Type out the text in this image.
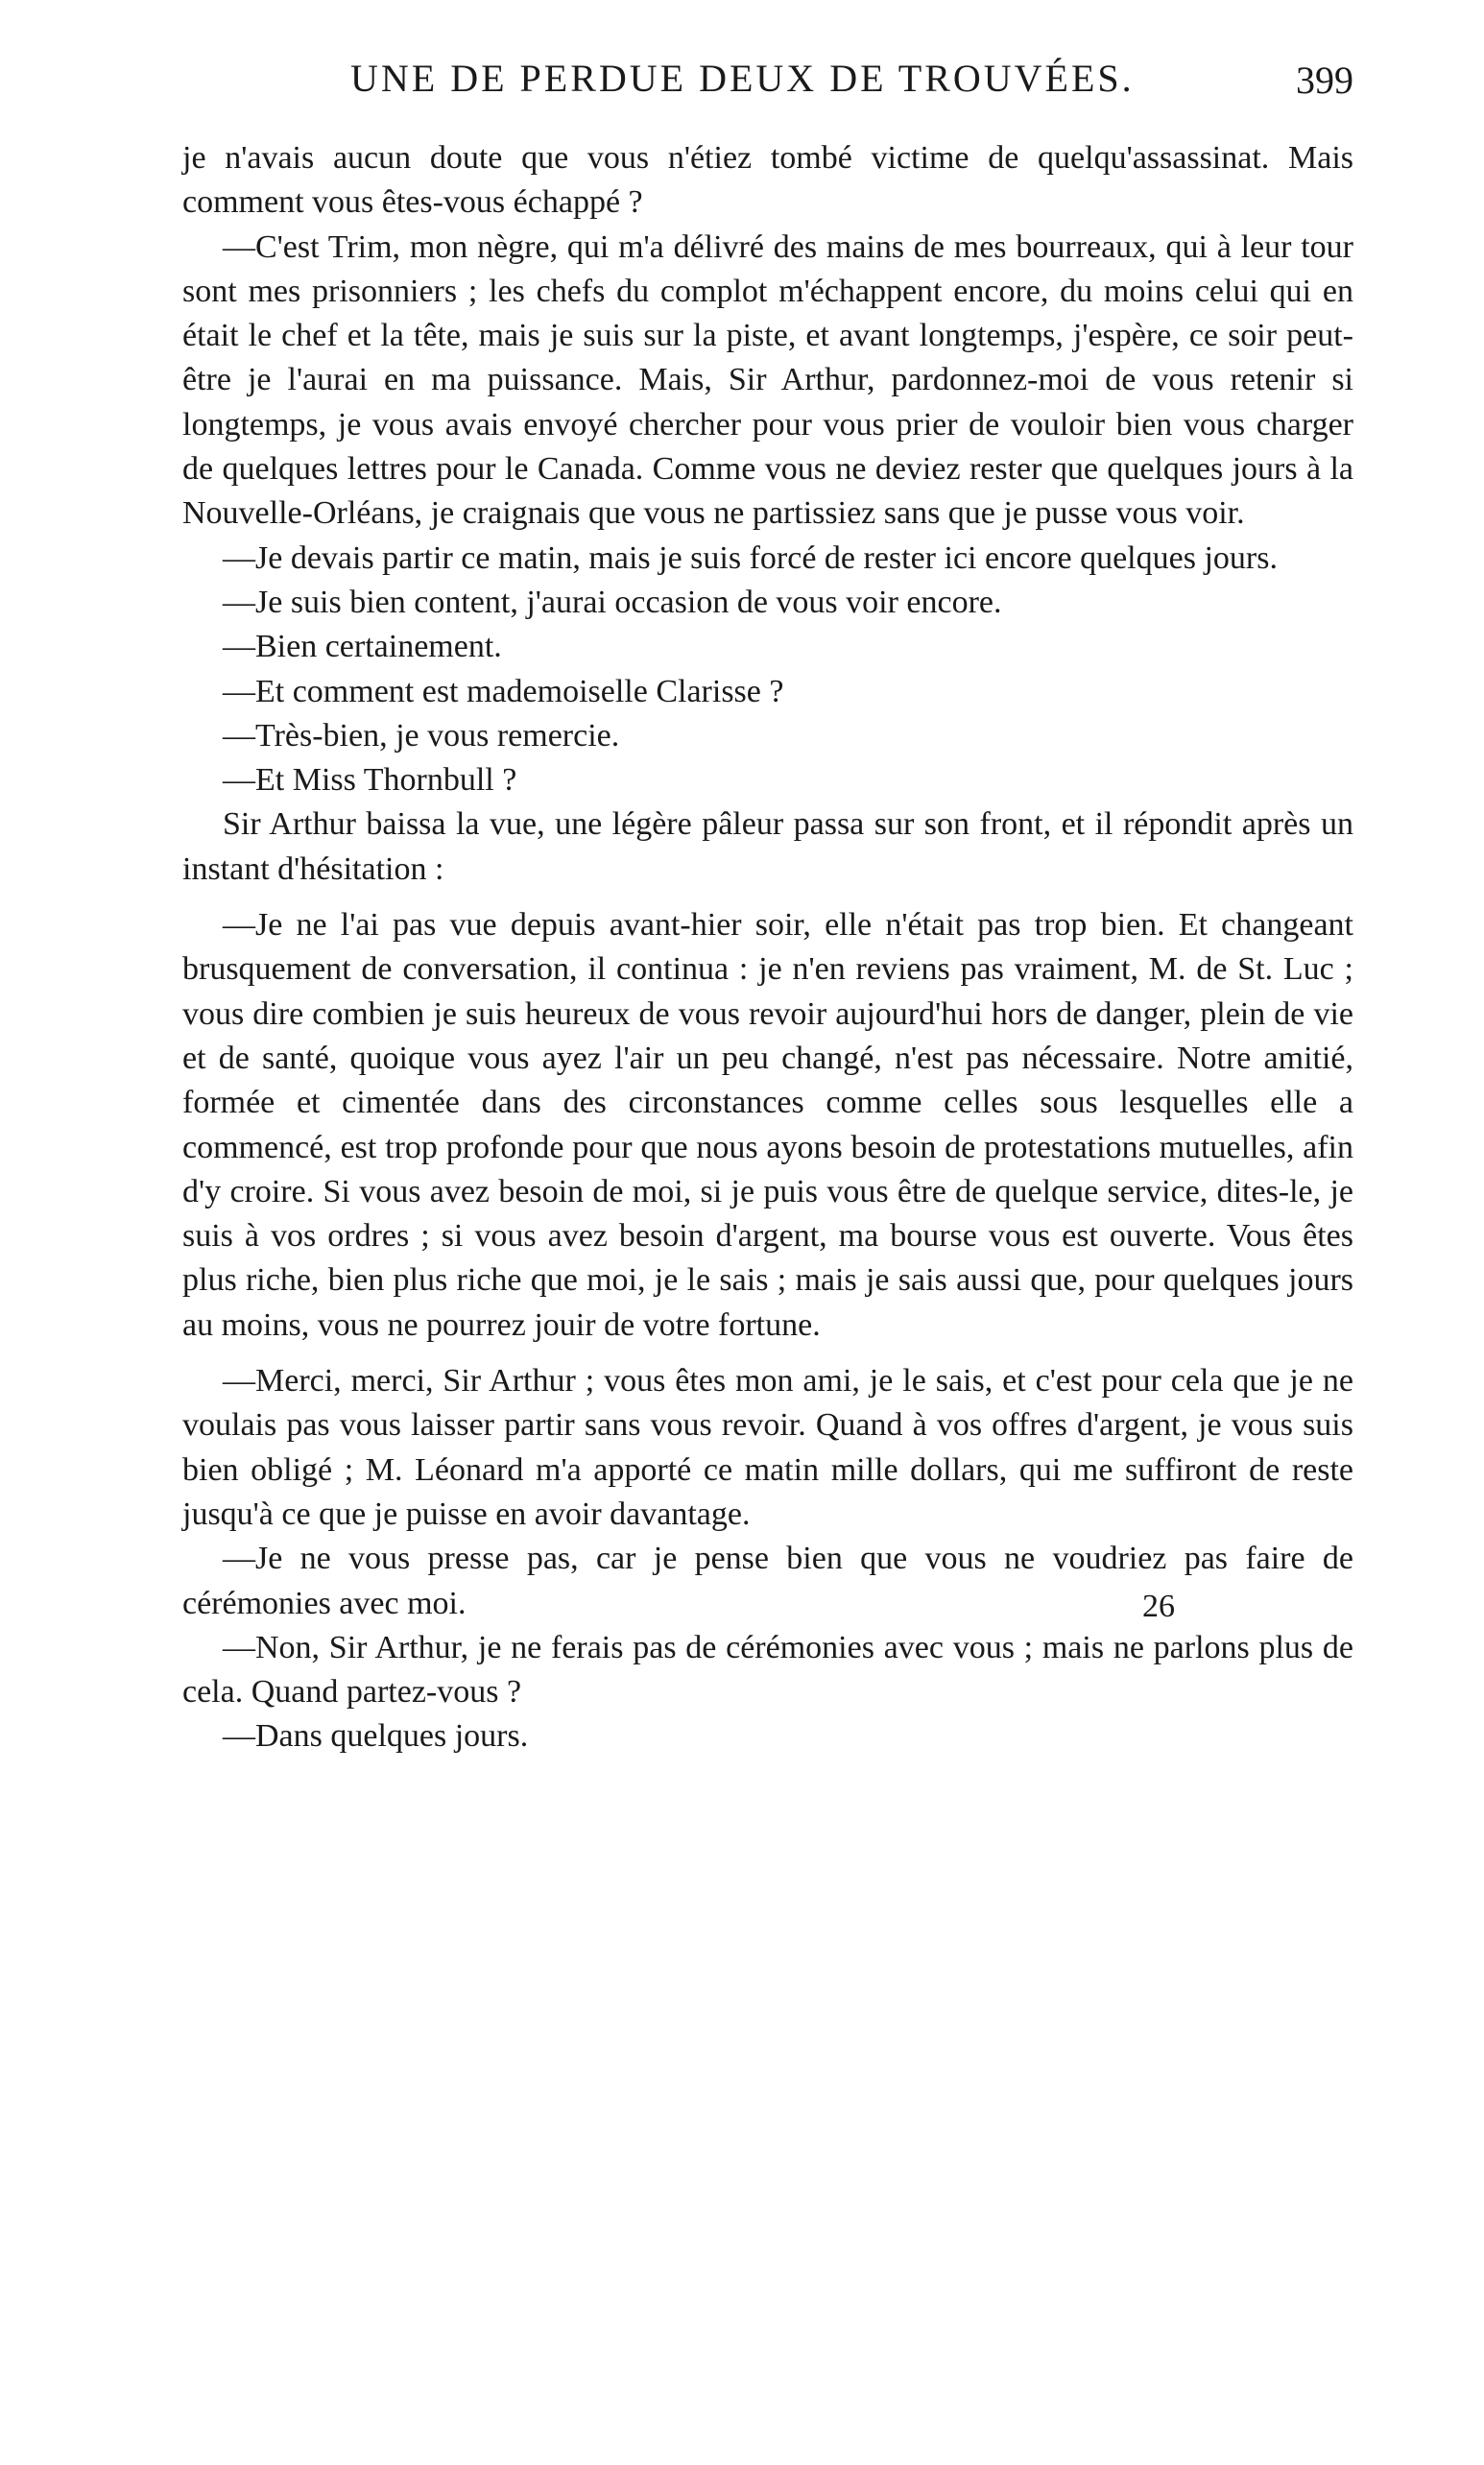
UNE DE PERDUE DEUX DE TROUVÉES.	399

je n'avais aucun doute que vous n'étiez tombé victime de quelqu'assassinat. Mais comment vous êtes-vous échappé ?

—C'est Trim, mon nègre, qui m'a délivré des mains de mes bourreaux, qui à leur tour sont mes prisonniers ; les chefs du complot m'échappent encore, du moins celui qui en était le chef et la tête, mais je suis sur la piste, et avant longtemps, j'espère, ce soir peut-être je l'aurai en ma puissance. Mais, Sir Arthur, pardonnez-moi de vous retenir si longtemps, je vous avais envoyé chercher pour vous prier de vouloir bien vous charger de quelques lettres pour le Canada. Comme vous ne deviez rester que quelques jours à la Nouvelle-Orléans, je craignais que vous ne partissiez sans que je pusse vous voir.

—Je devais partir ce matin, mais je suis forcé de rester ici encore quelques jours.

—Je suis bien content, j'aurai occasion de vous voir encore.

—Bien certainement.

—Et comment est mademoiselle Clarisse ?

—Très-bien, je vous remercie.

—Et Miss Thornbull ?

Sir Arthur baissa la vue, une légère pâleur passa sur son front, et il répondit après un instant d'hésitation :

—Je ne l'ai pas vue depuis avant-hier soir, elle n'était pas trop bien. Et changeant brusquement de conversation, il continua : je n'en reviens pas vraiment, M. de St. Luc ; vous dire combien je suis heureux de vous revoir aujourd'hui hors de danger, plein de vie et de santé, quoique vous ayez l'air un peu changé, n'est pas nécessaire. Notre amitié, formée et cimentée dans des circonstances comme celles sous lesquelles elle a commencé, est trop profonde pour que nous ayons besoin de protestations mutuelles, afin d'y croire. Si vous avez besoin de moi, si je puis vous être de quelque service, dites-le, je suis à vos ordres ; si vous avez besoin d'argent, ma bourse vous est ouverte. Vous êtes plus riche, bien plus riche que moi, je le sais ; mais je sais aussi que, pour quelques jours au moins, vous ne pourrez jouir de votre fortune.

—Merci, merci, Sir Arthur ; vous êtes mon ami, je le sais, et c'est pour cela que je ne voulais pas vous laisser partir sans vous revoir. Quand à vos offres d'argent, je vous suis bien obligé ; M. Léonard m'a apporté ce matin mille dollars, qui me suffiront de reste jusqu'à ce que je puisse en avoir davantage.

—Je ne vous presse pas, car je pense bien que vous ne voudriez pas faire de cérémonies avec moi.

—Non, Sir Arthur, je ne ferais pas de cérémonies avec vous ; mais ne parlons plus de cela. Quand partez-vous ?

—Dans quelques jours.

26
